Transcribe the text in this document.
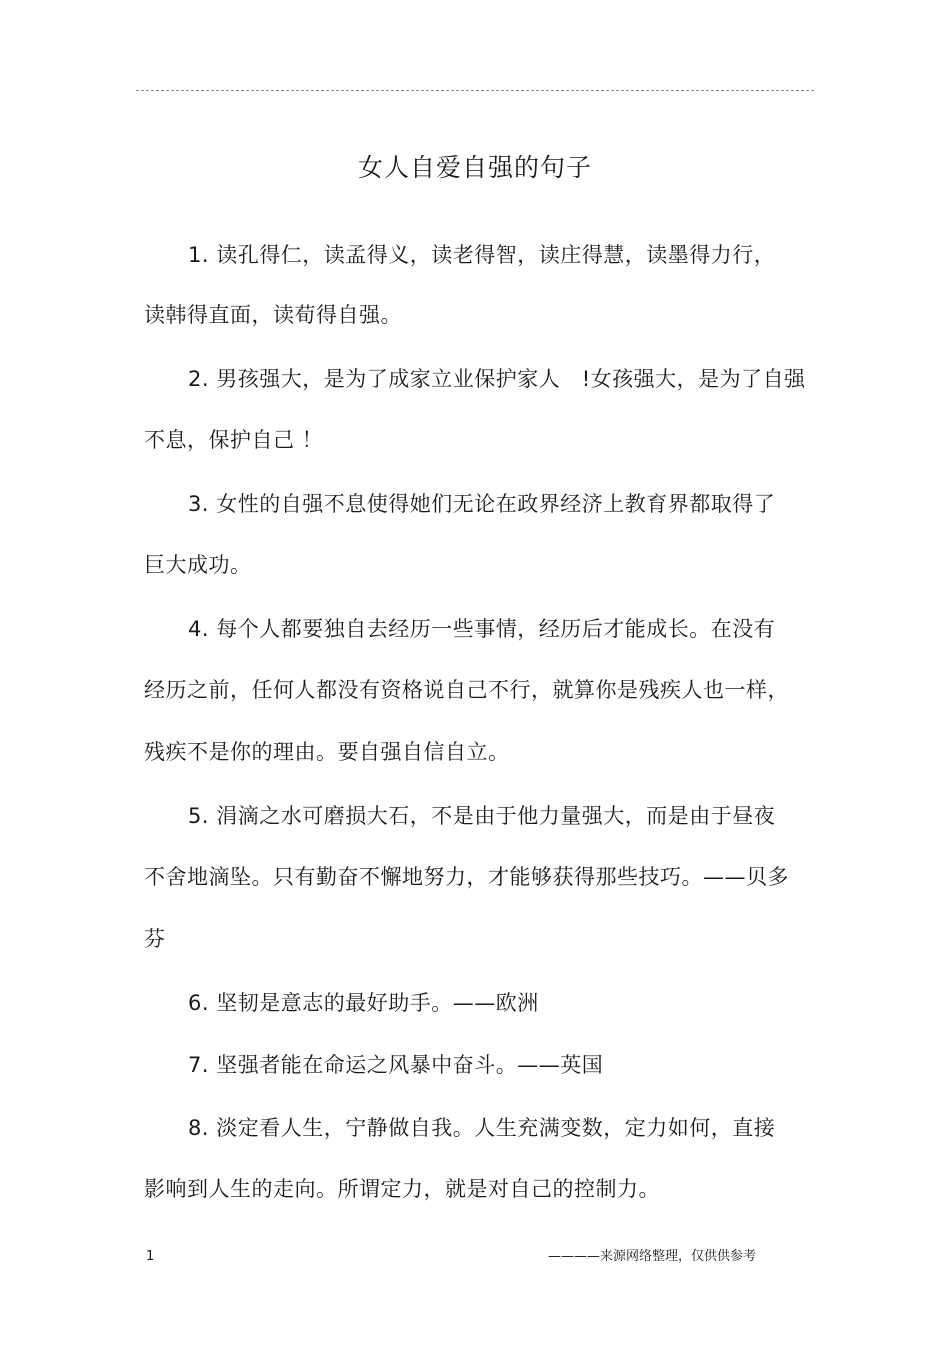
女人自爱自强的句子
1. 读孔得仁，读孟得义，读老得智，读庄得慧，读墨得力行，
读韩得直面，读荀得自强。
2. 男孩强大，是为了成家立业保护家人　!女孩强大，是为了自强
不息，保护自己 ！
3. 女性的自强不息使得她们无论在政界经济上教育界都取得了
巨大成功。
4. 每个人都要独自去经历一些事情，经历后才能成长。在没有
经历之前，任何人都没有资格说自己不行，就算你是残疾人也一样，
残疾不是你的理由。要自强自信自立。
5. 涓滴之水可磨损大石，不是由于他力量强大，而是由于昼夜
不舍地滴坠。只有勤奋不懈地努力，才能够获得那些技巧。——贝多
芬
6. 坚韧是意志的最好助手。——欧洲
7. 坚强者能在命运之风暴中奋斗。——英国
8. 淡定看人生，宁静做自我。人生充满变数，定力如何，直接
影响到人生的走向。所谓定力，就是对自己的控制力。
1	————来源网络整理，仅供供参考
